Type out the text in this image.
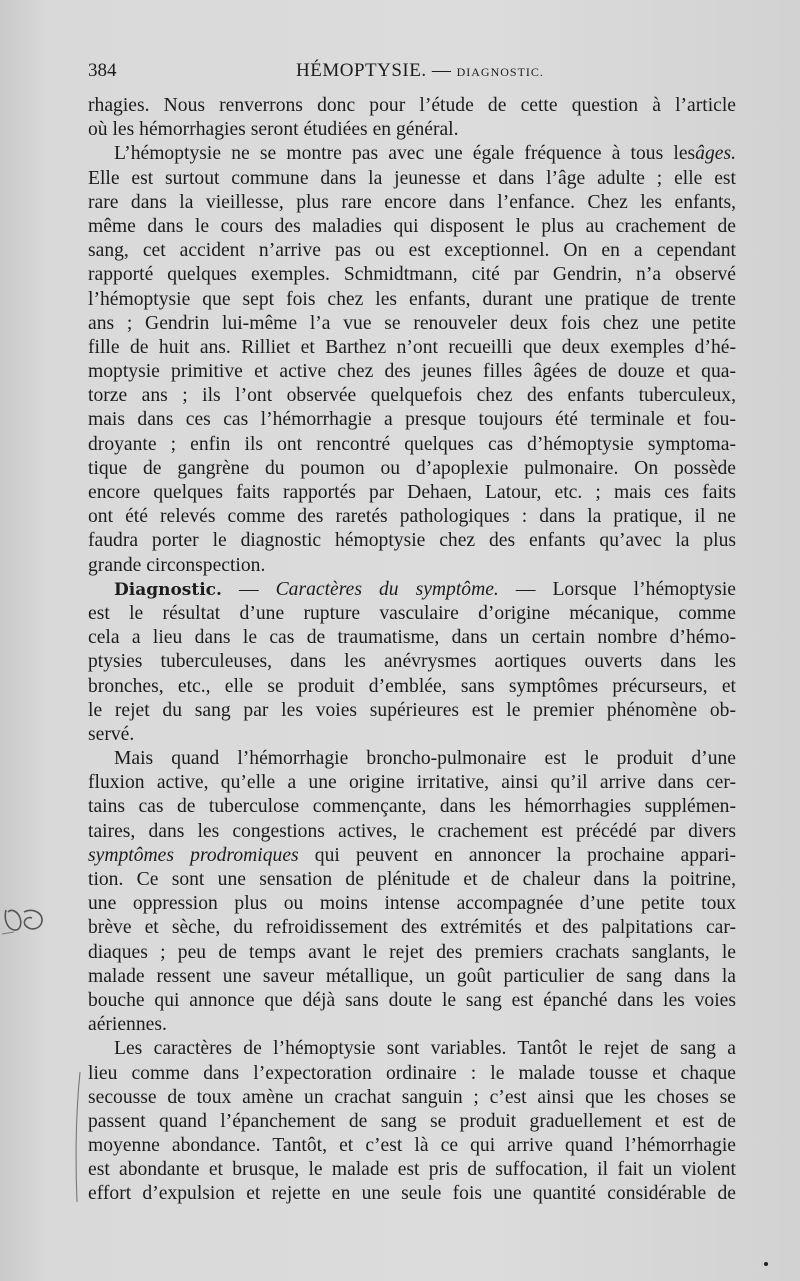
384	HÉMOPTYSIE. — DIAGNOSTIC.
rhagies. Nous renverrons donc pour l’étude de cette question à l’article
où les hémorrhagies seront étudiées en général.
L’hémoptysie ne se montre pas avec une égale fréquence à tous lesâges.
Elle est surtout commune dans la jeunesse et dans l’âge adulte ; elle est
rare dans la vieillesse, plus rare encore dans l’enfance. Chez les enfants,
même dans le cours des maladies qui disposent le plus au crachement de
sang, cet accident n’arrive pas ou est exceptionnel. On en a cependant
rapporté quelques exemples. Schmidtmann, cité par Gendrin, n’a observé
l’hémoptysie que sept fois chez les enfants, durant une pratique de trente
ans ; Gendrin lui-même l’a vue se renouveler deux fois chez une petite
fille de huit ans. Rilliet et Barthez n’ont recueilli que deux exemples d’hé-
moptysie primitive et active chez des jeunes filles âgées de douze et qua-
torze ans ; ils l’ont observée quelquefois chez des enfants tuberculeux,
mais dans ces cas l’hémorrhagie a presque toujours été terminale et fou-
droyante ; enfin ils ont rencontré quelques cas d’hémoptysie symptoma-
tique de gangrène du poumon ou d’apoplexie pulmonaire. On possède
encore quelques faits rapportés par Dehaen, Latour, etc. ; mais ces faits
ont été relevés comme des raretés pathologiques : dans la pratique, il ne
faudra porter le diagnostic hémoptysie chez des enfants qu’avec la plus
grande circonspection.
Diagnostic. — Caractères du symptôme. — Lorsque l’hémoptysie
est le résultat d’une rupture vasculaire d’origine mécanique, comme
cela a lieu dans le cas de traumatisme, dans un certain nombre d’hémo-
ptysies tuberculeuses, dans les anévrysmes aortiques ouverts dans les
bronches, etc., elle se produit d’emblée, sans symptômes précurseurs, et
le rejet du sang par les voies supérieures est le premier phénomène ob-
servé.
Mais quand l’hémorrhagie broncho-pulmonaire est le produit d’une
fluxion active, qu’elle a une origine irritative, ainsi qu’il arrive dans cer-
tains cas de tuberculose commençante, dans les hémorrhagies supplémen-
taires, dans les congestions actives, le crachement est précédé par divers
symptômes prodromiques qui peuvent en annoncer la prochaine appari-
tion. Ce sont une sensation de plénitude et de chaleur dans la poitrine,
une oppression plus ou moins intense accompagnée d’une petite toux
brève et sèche, du refroidissement des extrémités et des palpitations car-
diaques ; peu de temps avant le rejet des premiers crachats sanglants, le
malade ressent une saveur métallique, un goût particulier de sang dans la
bouche qui annonce que déjà sans doute le sang est épanché dans les voies
aériennes.
Les caractères de l’hémoptysie sont variables. Tantôt le rejet de sang a
lieu comme dans l’expectoration ordinaire : le malade tousse et chaque
secousse de toux amène un crachat sanguin ; c’est ainsi que les choses se
passent quand l’épanchement de sang se produit graduellement et est de
moyenne abondance. Tantôt, et c’est là ce qui arrive quand l’hémorrhagie
est abondante et brusque, le malade est pris de suffocation, il fait un violent
effort d’expulsion et rejette en une seule fois une quantité considérable de
